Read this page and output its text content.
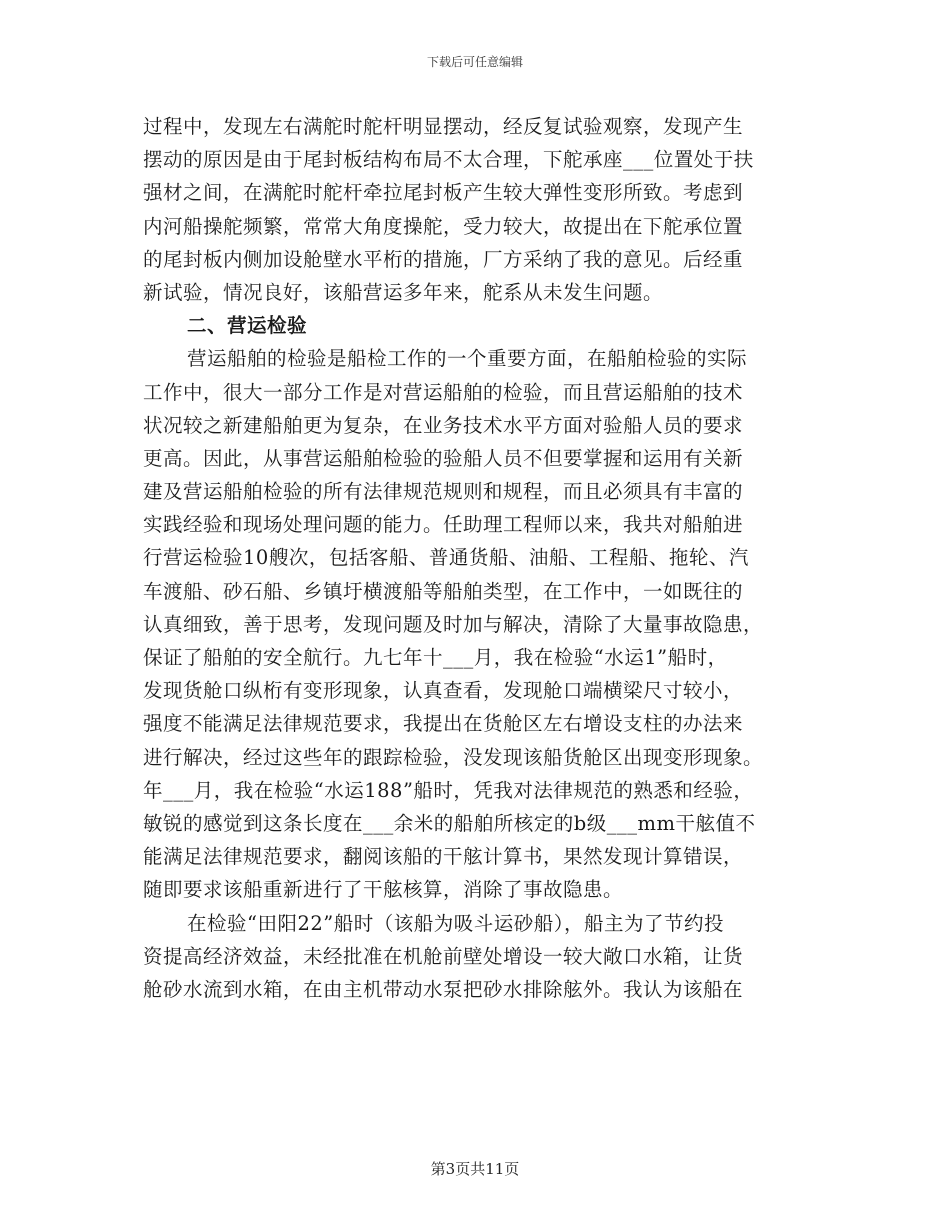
下载后可任意编辑
过程中，发现左右满舵时舵杆明显摆动，经反复试验观察，发现产生
摆动的原因是由于尾封板结构布局不太合理，下舵承座___位置处于扶
强材之间，在满舵时舵杆牵拉尾封板产生较大弹性变形所致。考虑到
内河船操舵频繁，常常大角度操舵，受力较大，故提出在下舵承位置
的尾封板内侧加设舱壁水平桁的措施，厂方采纳了我的意见。后经重
新试验，情况良好，该船营运多年来，舵系从未发生问题。
二、营运检验
营运船舶的检验是船检工作的一个重要方面，在船舶检验的实际
工作中，很大一部分工作是对营运船舶的检验，而且营运船舶的技术
状况较之新建船舶更为复杂，在业务技术水平方面对验船人员的要求
更高。因此，从事营运船舶检验的验船人员不但要掌握和运用有关新
建及营运船舶检验的所有法律规范规则和规程，而且必须具有丰富的
实践经验和现场处理问题的能力。任助理工程师以来，我共对船舶进
行营运检验10艘次，包括客船、普通货船、油船、工程船、拖轮、汽
车渡船、砂石船、乡镇圩横渡船等船舶类型，在工作中，一如既往的
认真细致，善于思考，发现问题及时加与解决，清除了大量事故隐患，
保证了船舶的安全航行。九七年十___月，我在检验“水运1”船时，
发现货舱口纵桁有变形现象，认真查看，发现舱口端横梁尺寸较小，
强度不能满足法律规范要求，我提出在货舱区左右增设支柱的办法来
进行解决，经过这些年的跟踪检验，没发现该船货舱区出现变形现象。
年___月，我在检验“水运188”船时，凭我对法律规范的熟悉和经验，
敏锐的感觉到这条长度在___余米的船舶所核定的b级___mm干舷值不
能满足法律规范要求，翻阅该船的干舷计算书，果然发现计算错误，
随即要求该船重新进行了干舷核算，消除了事故隐患。
在检验“田阳22”船时（该船为吸斗运砂船），船主为了节约投
资提高经济效益，未经批准在机舱前壁处增设一较大敞口水箱，让货
舱砂水流到水箱，在由主机带动水泵把砂水排除舷外。我认为该船在
第3页共11页
